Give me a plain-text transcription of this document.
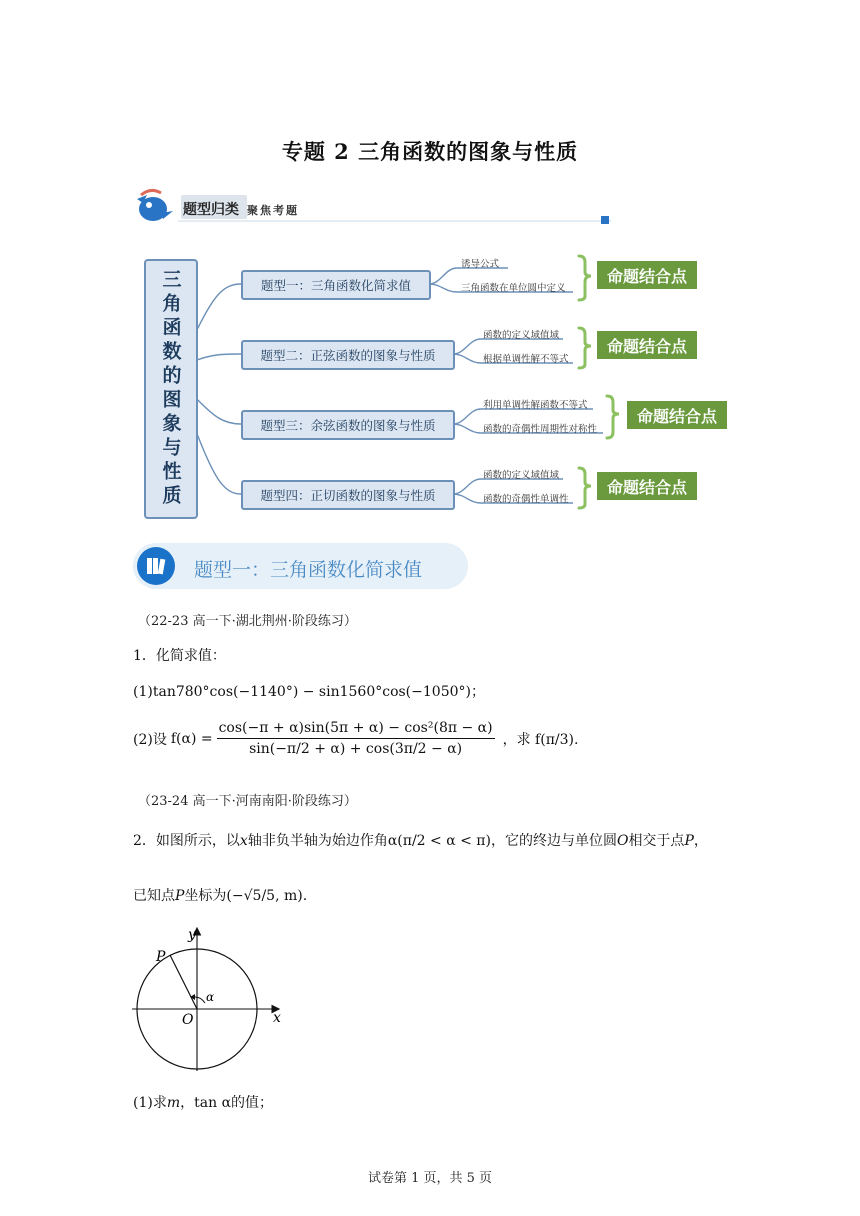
专题 2 三角函数的图象与性质
题型归类 聚焦考题
三角函数的图象与性质	题型一：三角函数化简求值
题型二：正弦函数的图象与性质
题型三：余弦函数的图象与性质
题型四：正切函数的图象与性质
诱导公式
三角函数在单位圆中定义
函数的定义域值域
根据单调性解不等式
利用单调性解函数不等式
函数的奇偶性周期性对称性
函数的定义域值域
函数的奇偶性单调性
命题结合点
命题结合点
命题结合点
命题结合点
题型一：三角函数化简求值
（22-23 高一下·湖北荆州·阶段练习）
1．化简求值：
(1)tan780°cos(−1140°) − sin1560°cos(−1050°)；
(2)设 $f(\alpha) = \frac{\text{cos(−π + α)sin(5π + α) − cos²(8π − α)}}{\sin(-\pi/2 + \alpha) + \cos(3\pi/2 - \alpha)}$ ，求 f(π/3).
（23-24 高一下·河南南阳·阶段练习）
2．如图所示，以x轴非负半轴为始边作角α(π/2 < α < π)，它的终边与单位圆O相交于点P，
已知点P坐标为(−√5/5, m).
y
x
O
P
α
(1)求m，tan α的值；
试卷第 1 页，共 5 页
